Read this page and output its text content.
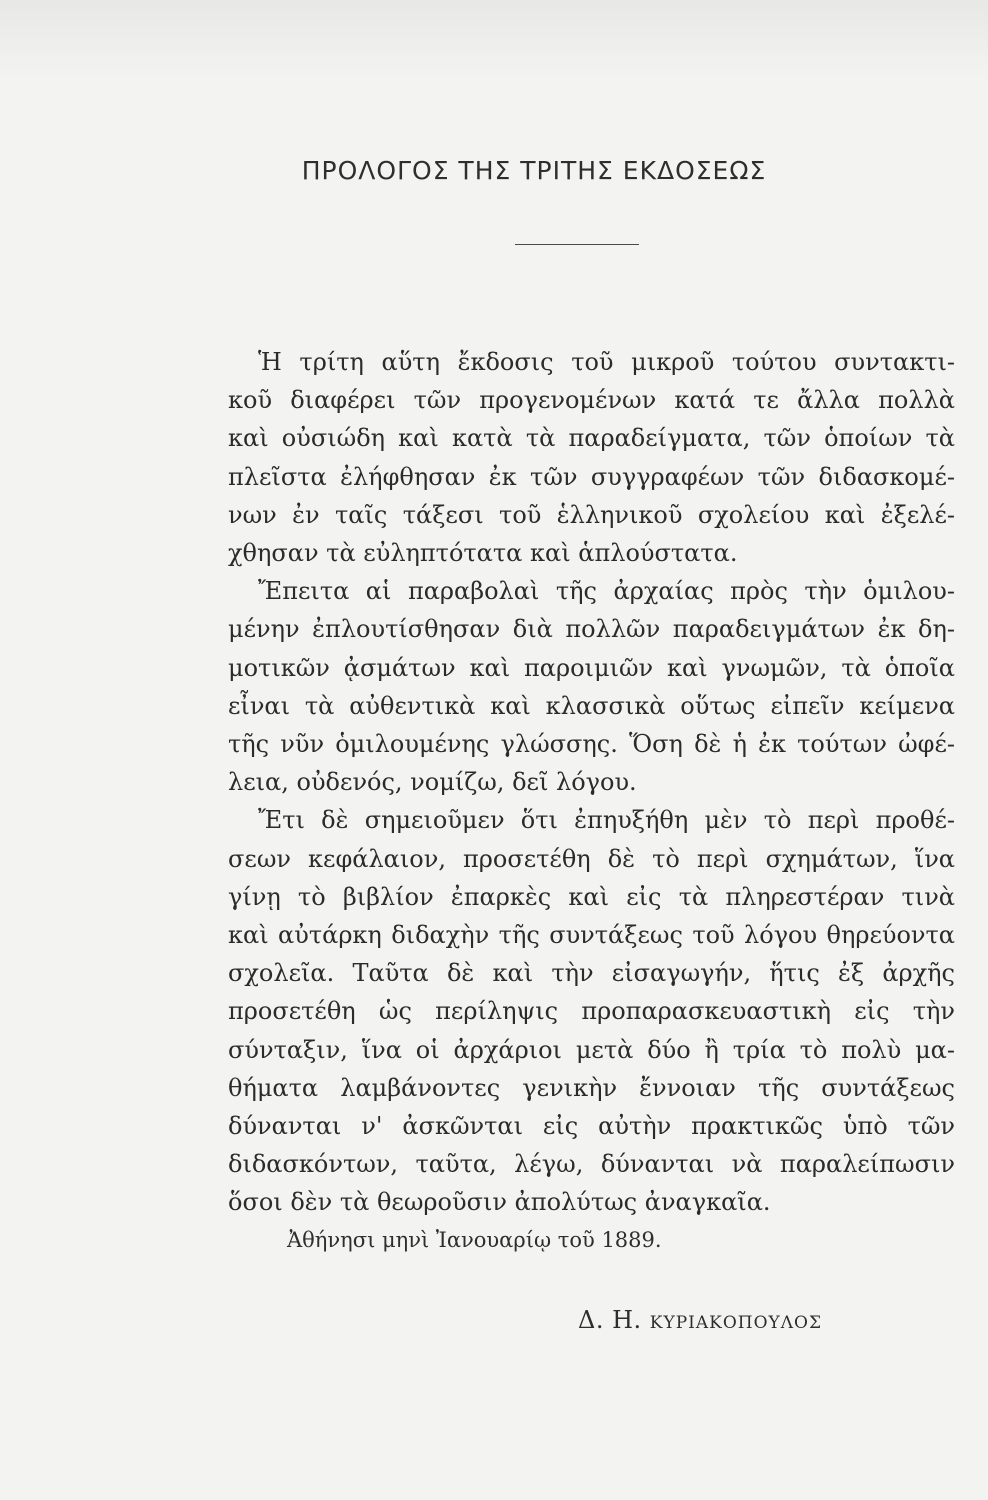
ΠΡΟΛΟΓΟΣ ΤΗΣ ΤΡΙΤΗΣ ΕΚΔΟΣΕΩΣ

Ἡ τρίτη αὕτη ἔκδοσις τοῦ μικροῦ τούτου συντακτι-
κοῦ διαφέρει τῶν προγενομένων κατά τε ἄλλα πολλὰ
καὶ οὐσιώδη καὶ κατὰ τὰ παραδείγματα, τῶν ὁποίων τὰ
πλεῖστα ἐλήφθησαν ἐκ τῶν συγγραφέων τῶν διδασκομέ-
νων ἐν ταῖς τάξεσι τοῦ ἑλληνικοῦ σχολείου καὶ ἐξελέ-
χθησαν τὰ εὐληπτότατα καὶ ἁπλούστατα.

Ἔπειτα αἱ παραβολαὶ τῆς ἀρχαίας πρὸς τὴν ὁμιλου-
μένην ἐπλουτίσθησαν διὰ πολλῶν παραδειγμάτων ἐκ δη-
μοτικῶν ᾀσμάτων καὶ παροιμιῶν καὶ γνωμῶν, τὰ ὁποῖα
εἶναι τὰ αὐθεντικὰ καὶ κλασσικὰ οὕτως εἰπεῖν κείμενα
τῆς νῦν ὁμιλουμένης γλώσσης. Ὅση δὲ ἡ ἐκ τούτων ὠφέ-
λεια, οὐδενός, νομίζω, δεῖ λόγου.

Ἔτι δὲ σημειοῦμεν ὅτι ἐπηυξήθη μὲν τὸ περὶ προθέ-
σεων κεφάλαιον, προσετέθη δὲ τὸ περὶ σχημάτων, ἵνα
γίνῃ τὸ βιβλίον ἐπαρκὲς καὶ εἰς τὰ πληρεστέραν τινὰ
καὶ αὐτάρκη διδαχὴν τῆς συντάξεως τοῦ λόγου θηρεύοντα
σχολεῖα. Ταῦτα δὲ καὶ τὴν εἰσαγωγήν, ἥτις ἐξ ἀρχῆς
προσετέθη ὡς περίληψις προπαρασκευαστικὴ εἰς τὴν
σύνταξιν, ἵνα οἱ ἀρχάριοι μετὰ δύο ἢ τρία τὸ πολὺ μα-
θήματα λαμβάνοντες γενικὴν ἔννοιαν τῆς συντάξεως
δύνανται ν' ἀσκῶνται εἰς αὐτὴν πρακτικῶς ὑπὸ τῶν
διδασκόντων, ταῦτα, λέγω, δύνανται νὰ παραλείπωσιν
ὅσοι δὲν τὰ θεωροῦσιν ἀπολύτως ἀναγκαῖα.

Ἀθήνησι μηνὶ Ἰανουαρίῳ τοῦ 1889.
Δ. Η. ΚΥΡΙΑΚΟΠΟΥΛΟΣ
